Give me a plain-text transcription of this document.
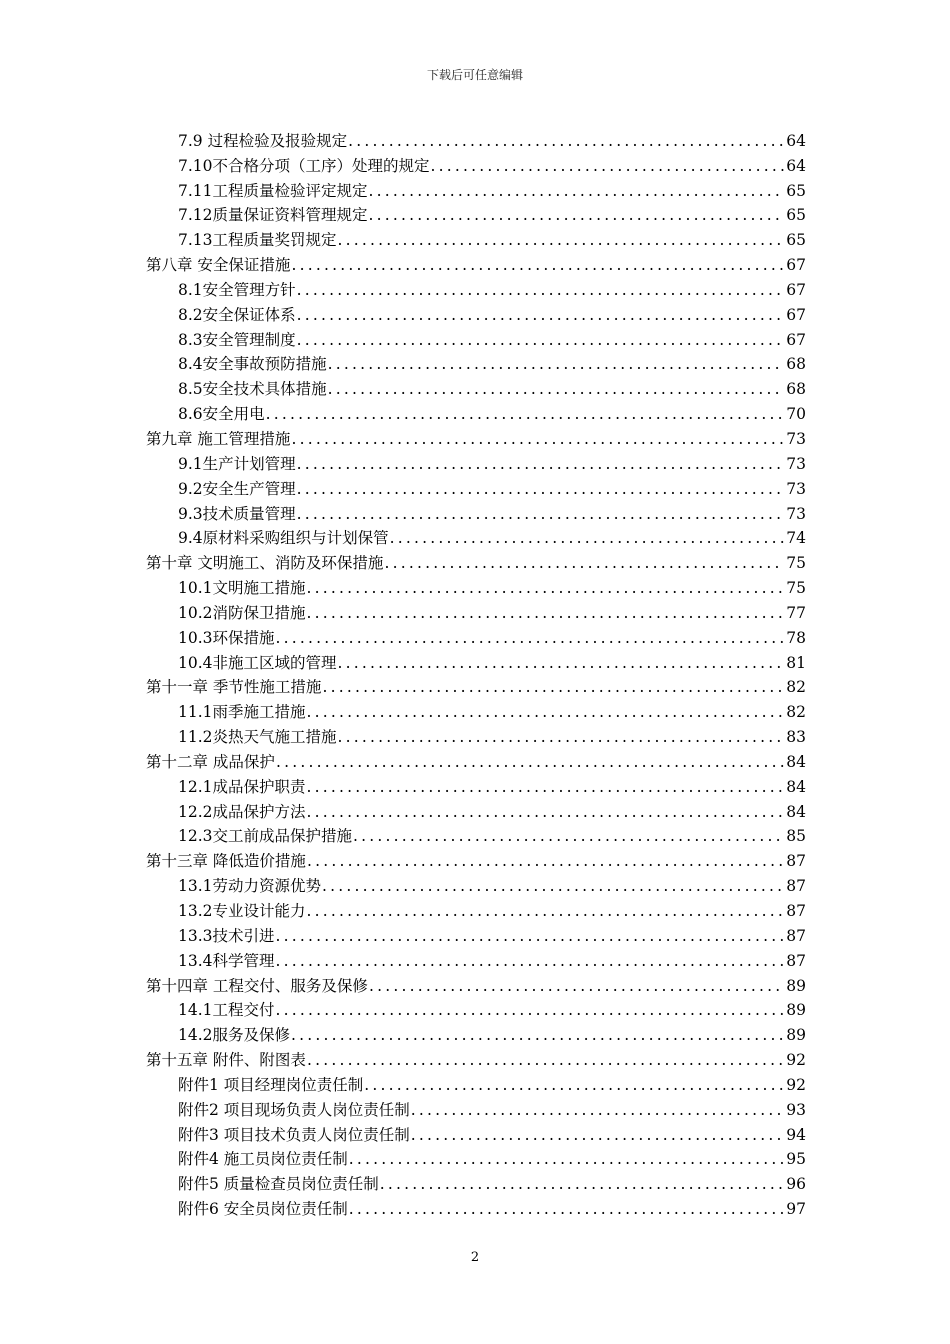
下载后可任意编辑
7.9 过程检验及报验规定 .....	64
7.10不合格分项（工序）处理的规定 .....	64
7.11工程质量检验评定规定 .....	65
7.12质量保证资料管理规定 .....	65
7.13工程质量奖罚规定 .....	65
第八章 安全保证措施 .....	67
8.1安全管理方针 .....	67
8.2安全保证体系 .....	67
8.3安全管理制度 .....	67
8.4安全事故预防措施 .....	68
8.5安全技术具体措施 .....	68
8.6安全用电 .....	70
第九章 施工管理措施 .....	73
9.1生产计划管理 .....	73
9.2安全生产管理 .....	73
9.3技术质量管理 .....	73
9.4原材料采购组织与计划保管 .....	74
第十章 文明施工、消防及环保措施 .....	75
10.1文明施工措施 .....	75
10.2消防保卫措施 .....	77
10.3环保措施 .....	78
10.4非施工区域的管理 .....	81
第十一章 季节性施工措施 .....	82
11.1雨季施工措施 .....	82
11.2炎热天气施工措施 .....	83
第十二章 成品保护 .....	84
12.1成品保护职责 .....	84
12.2成品保护方法 .....	84
12.3交工前成品保护措施 .....	85
第十三章 降低造价措施 .....	87
13.1劳动力资源优势 .....	87
13.2专业设计能力 .....	87
13.3技术引进 .....	87
13.4科学管理 .....	87
第十四章 工程交付、服务及保修 .....	89
14.1工程交付 .....	89
14.2服务及保修 .....	89
第十五章 附件、附图表 .....	92
附件1 项目经理岗位责任制 .....	92
附件2 项目现场负责人岗位责任制 .....	93
附件3 项目技术负责人岗位责任制 .....	94
附件4 施工员岗位责任制 .....	95
附件5 质量检查员岗位责任制 .....	96
附件6 安全员岗位责任制 .....	97
2
